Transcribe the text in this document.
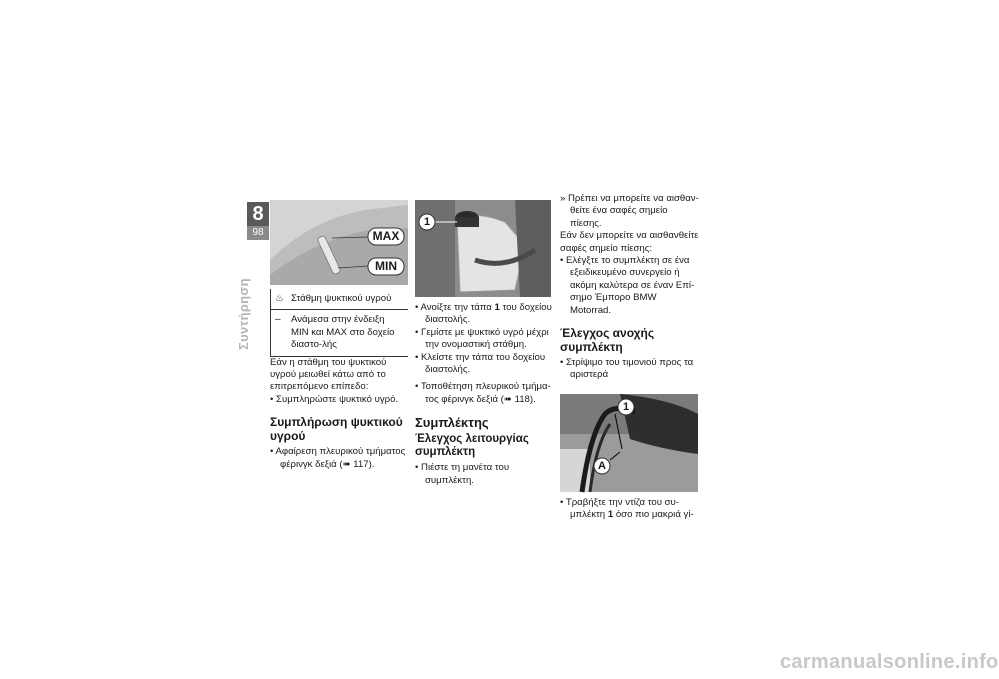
8
98
Συντήρηση
MAX
MIN
♨ Στάθμη ψυκτικού υγρού
–	Ανάμεσα στην ένδειξη MIN και MAX στο δοχείο διαστο-λής

Εάν η στάθμη του ψυκτικού υγρού μειωθεί κάτω από το επιτρεπόμενο επίπεδο:

• Συμπληρώστε ψυκτικό υγρό.

Συμπλήρωση ψυκτικού υγρού

• Αφαίρεση πλευρικού τμήματος φέρινγκ δεξιά (➠ 117).

1

• Ανοίξτε την τάπα 1 του δοχείου διαστολής.

• Γεμίστε με ψυκτικό υγρό μέχρι την ονομαστική στάθμη.

• Κλείστε την τάπα του δοχείου διαστολής.

• Τοποθέτηση πλευρικού τμήμα-τος φέρινγκ δεξιά (➠ 118).

Συμπλέκτης
Έλεγχος λειτουργίας συμπλέκτη

• Πιέστε τη μανέτα του συμπλέκτη.

» Πρέπει να μπορείτε να αισθαν-θείτε ένα σαφές σημείο πίεσης.

Εάν δεν μπορείτε να αισθανθείτε σαφές σημείο πίεσης:

• Ελέγξτε το συμπλέκτη σε ένα εξειδικευμένο συνεργείο ή ακόμη καλύτερα σε έναν Επί-σημο Έμπορο BMW Motorrad.

Έλεγχος ανοχής συμπλέκτη

• Στρίψιμο του τιμονιού προς τα αριστερά

1
A

• Τραβήξτε την ντίζα του συ-μπλέκτη 1 όσο πιο μακριά γί-

carmanualsonline.info
